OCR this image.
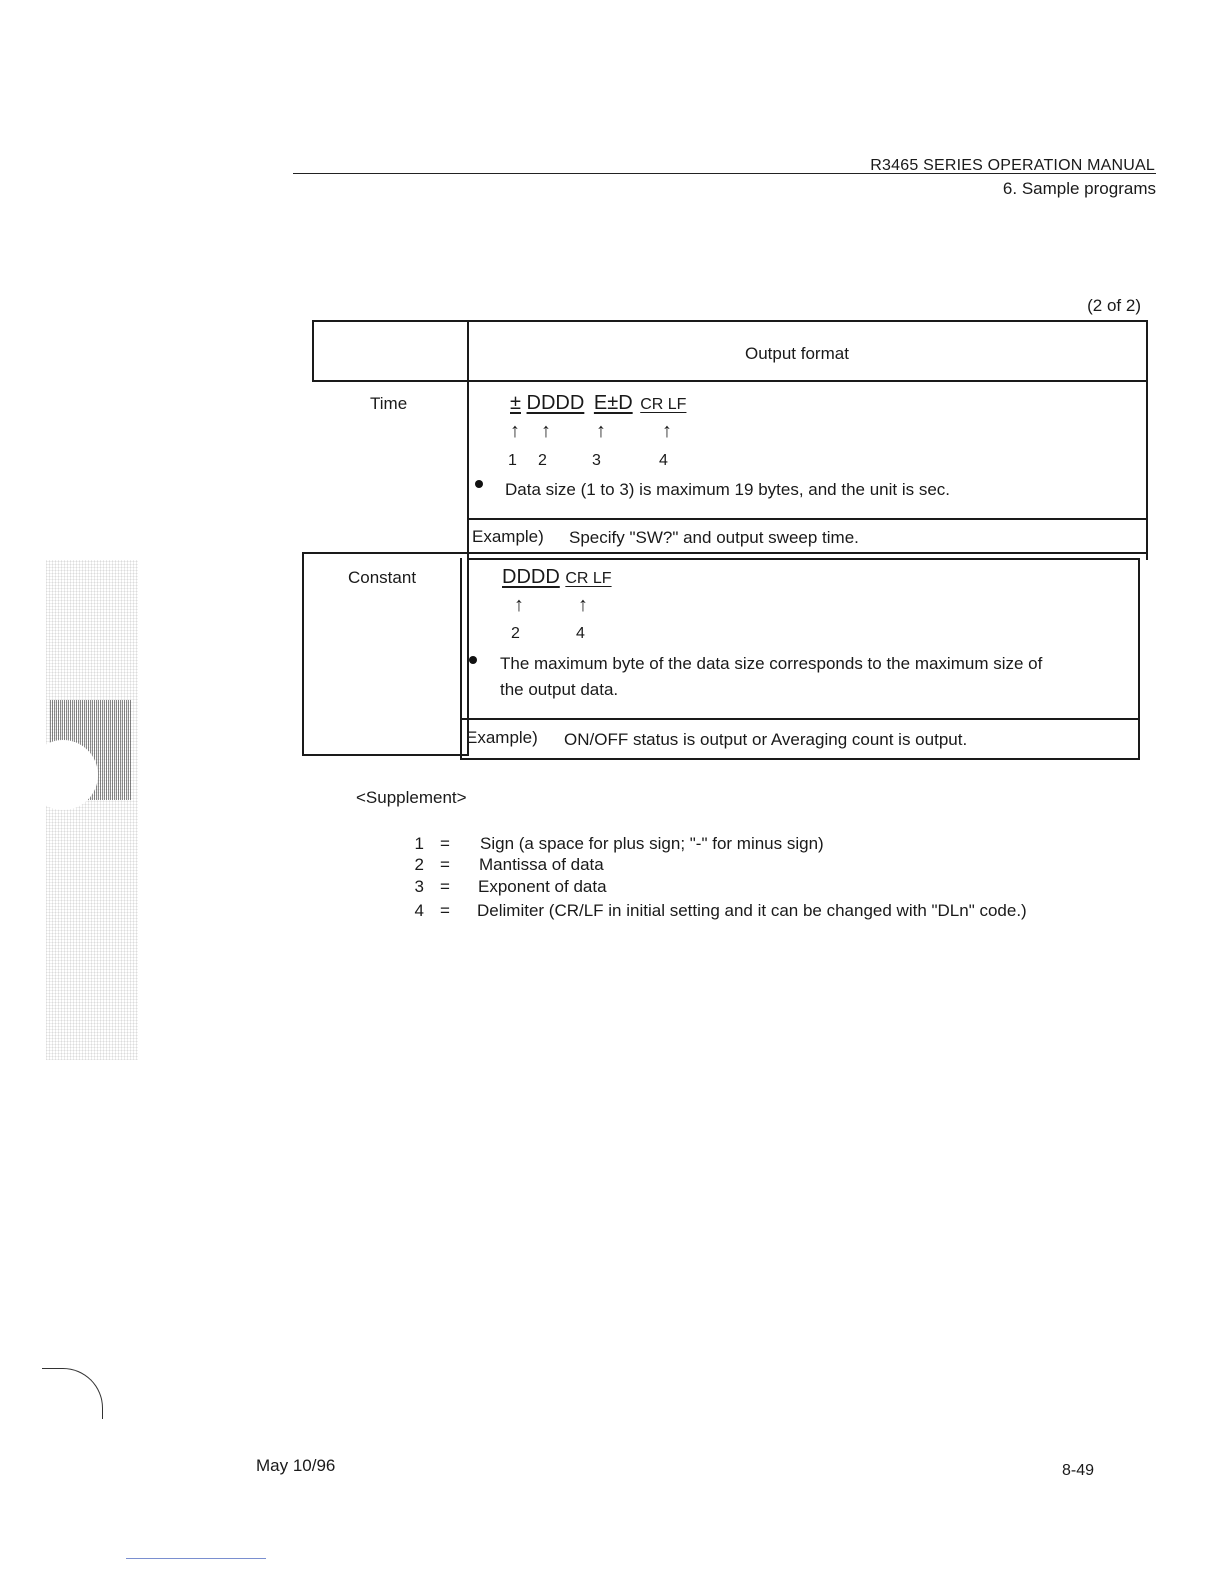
R3465 SERIES OPERATION MANUAL
6. Sample programs
(2 of 2)
Output format
Time	± DDDD E±D CR LF
↑ ↑ ↑	↑
1 2	3	4
Data size (1 to 3) is maximum 19 bytes, and the unit is sec.
Example) Specify "SW?" and output sweep time.
Constant	DDDD CR LF
↑	↑
2	4
The maximum byte of the data size corresponds to the maximum size of
the output data.
Example) ON/OFF status is output or Averaging count is output.
<Supplement>
1 = Sign (a space for plus sign; "-" for minus sign)
2 = Mantissa of data
3 = Exponent of data
4 = Delimiter (CR/LF in initial setting and it can be changed with "DLn" code.)
May 10/96	8-49
